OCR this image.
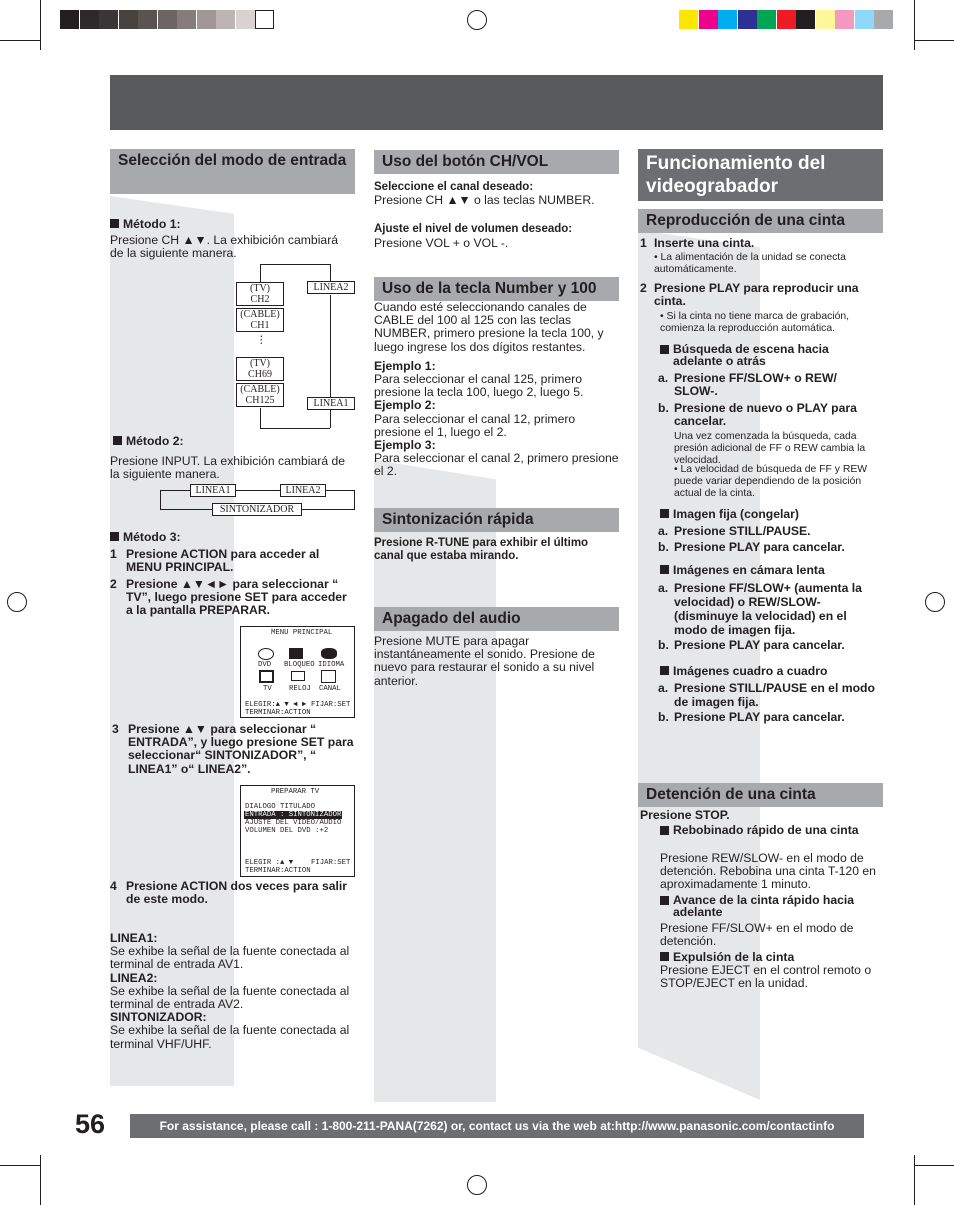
Selección del modo de entrada
Método 1:
Presione CH ▲▼. La exhibición cambiará de la siguiente manera.
⋮
(TV)
CH2
(CABLE)
CH1
(TV)
CH69
(CABLE)
CH125
LINEA2
LINEA1
Método 2:
Presione INPUT. La exhibición cambiará de la siguiente manera.
LINEA1	LINEA2
SINTONIZADOR
Método 3:
1 Presione ACTION para acceder al MENU PRINCIPAL.
2 Presione ▲▼◄► para seleccionar “ TV”, luego presione SET para acceder a la pantalla PREPARAR.
MENU PRINCIPAL
DVD BLOQUEO IDIOMA
TV RELOJ CANAL
ELEGIR:▲ ▼ ◄ ► FIJAR:SET
TERMINAR:ACTION
3 Presione ▲▼ para seleccionar “ ENTRADA”, y luego presione SET para seleccionar“ SINTONIZADOR”, “ LINEA1” o“ LINEA2”.
PREPARAR TV
DIALOGO TITULADO
ENTRADA : SINTONIZADOR
AJUSTE DEL VIDEO/AUDIO
VOLUMEN DEL DVD :+2
ELEGIR :▲ ▼ FIJAR:SET
TERMINAR:ACTION
4 Presione ACTION dos veces para salir de este modo.
LINEA1:
Se exhibe la señal de la fuente conectada al terminal de entrada AV1.
LINEA2:
Se exhibe la señal de la fuente conectada al terminal de entrada AV2.
SINTONIZADOR:
Se exhibe la señal de la fuente conectada al terminal VHF/UHF.
Uso del botón CH/VOL
Seleccione el canal deseado:
Presione CH ▲▼ o las teclas NUMBER.
Ajuste el nivel de volumen deseado:
Presione VOL + o VOL -.
Uso de la tecla Number y 100
Cuando esté seleccionando canales de CABLE del 100 al 125 con las teclas NUMBER, primero presione la tecla 100, y luego ingrese los dos dígitos restantes.
Ejemplo 1:
Para seleccionar el canal 125, primero presione la tecla 100, luego 2, luego 5.
Ejemplo 2:
Para seleccionar el canal 12, primero presione el 1, luego el 2.
Ejemplo 3:
Para seleccionar el canal 2, primero presione el 2.
Sintonización rápida
Presione R-TUNE para exhibir el último canal que estaba mirando.
Apagado del audio
Presione MUTE para apagar instantáneamente el sonido. Presione de nuevo para restaurar el sonido a su nivel anterior.
Funcionamiento del videograbador
Reproducción de una cinta
1 Inserte una cinta.
• La alimentación de la unidad se conecta automáticamente.
2 Presione PLAY para reproducir una cinta.
• Si la cinta no tiene marca de grabación, comienza la reproducción automática.
Búsqueda de escena hacia adelante o atrás
a. Presione FF/SLOW+ o REW/ SLOW-.
b. Presione de nuevo o PLAY para cancelar.
Una vez comenzada la búsqueda, cada presión adicional de FF o REW cambia la velocidad.
• La velocidad de búsqueda de FF y REW puede variar dependiendo de la posición actual de la cinta.
Imagen fija (congelar)
a. Presione STILL/PAUSE.
b. Presione PLAY para cancelar.
Imágenes en cámara lenta
a. Presione FF/SLOW+ (aumenta la velocidad) o REW/SLOW- (disminuye la velocidad) en el modo de imagen fija.
b. Presione PLAY para cancelar.
Imágenes cuadro a cuadro
a. Presione STILL/PAUSE en el modo de imagen fija.
b. Presione PLAY para cancelar.
Detención de una cinta
Presione STOP.
Rebobinado rápido de una cinta
Presione REW/SLOW- en el modo de detención. Rebobina una cinta T-120 en aproximadamente 1 minuto.
Avance de la cinta rápido hacia adelante
Presione FF/SLOW+ en el modo de detención.
Expulsión de la cinta
Presione EJECT en el control remoto o STOP/EJECT en la unidad.
56	For assistance, please call : 1-800-211-PANA(7262) or, contact us via the web at:http://www.panasonic.com/contactinfo
